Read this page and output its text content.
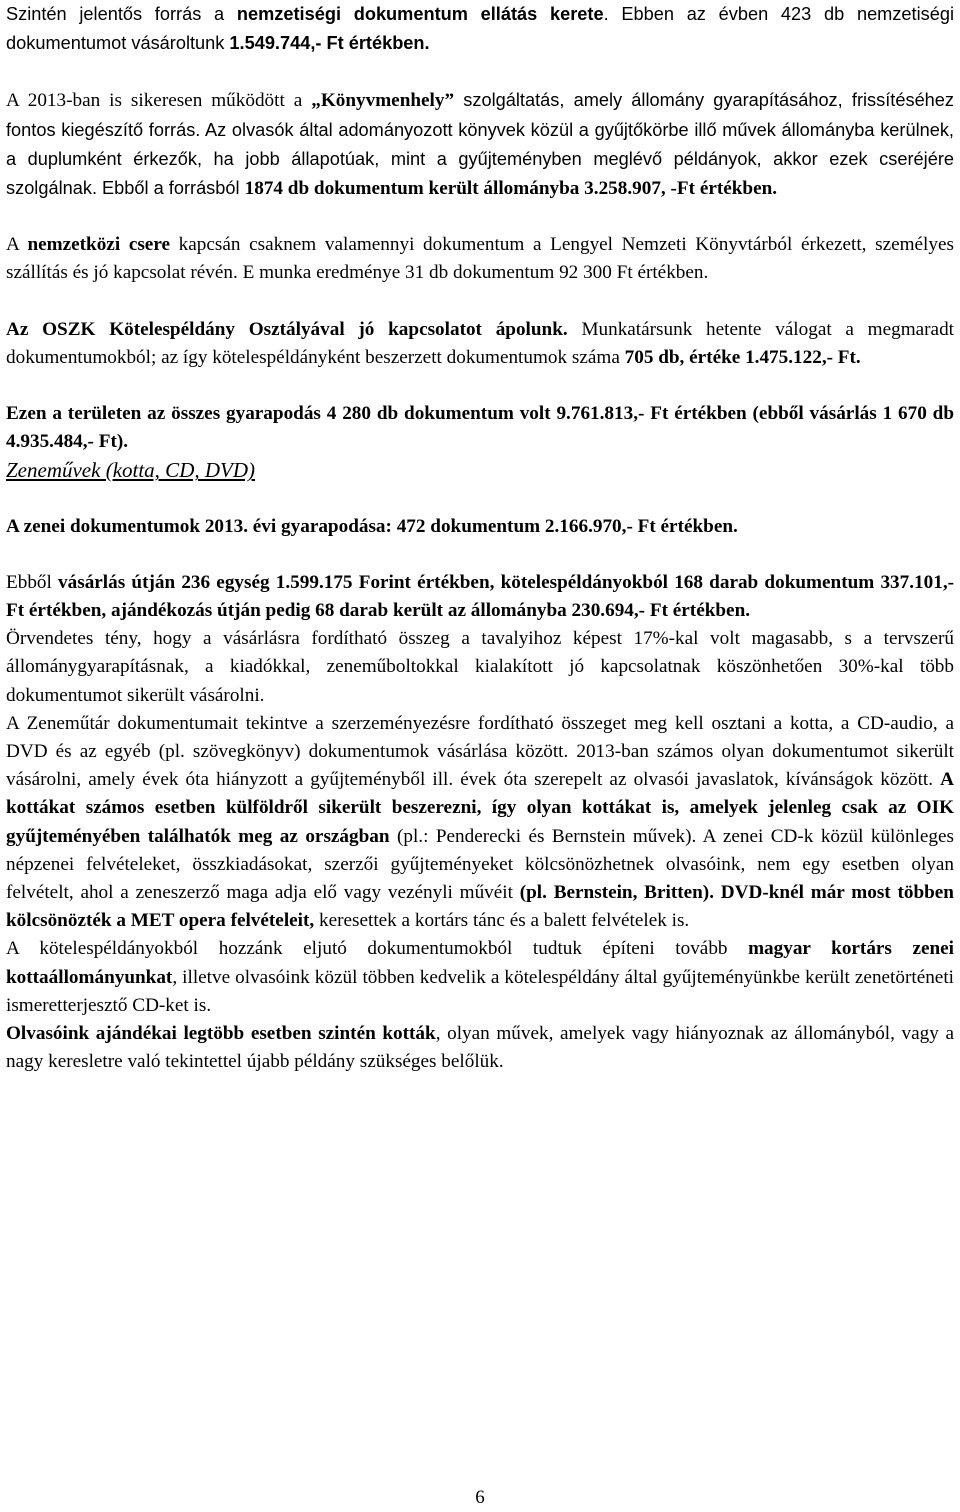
Szintén jelentős forrás a nemzetiségi dokumentum ellátás kerete. Ebben az évben 423 db nemzetiségi dokumentumot vásároltunk 1.549.744,- Ft értékben.

A 2013-ban is sikeresen működött a „Könyvmenhely” szolgáltatás, amely állomány gyarapításához, frissítéséhez fontos kiegészítő forrás. Az olvasók által adományozott könyvek közül a gyűjtőkörbe illő művek állományba kerülnek, a duplumként érkezők, ha jobb állapotúak, mint a gyűjteményben meglévő példányok, akkor ezek cseréjére szolgálnak. Ebből a forrásból 1874 db dokumentum került állományba 3.258.907, -Ft értékben.

A nemzetközi csere kapcsán csaknem valamennyi dokumentum a Lengyel Nemzeti Könyvtárból érkezett, személyes szállítás és jó kapcsolat révén. E munka eredménye 31 db dokumentum 92 300 Ft értékben.

Az OSZK Kötelespéldány Osztályával jó kapcsolatot ápolunk. Munkatársunk hetente válogat a megmaradt dokumentumokból; az így kötelespéldányként beszerzett dokumentumok száma 705 db, értéke 1.475.122,- Ft.

Ezen a területen az összes gyarapodás 4 280 db dokumentum volt 9.761.813,- Ft értékben (ebből vásárlás 1 670 db 4.935.484,- Ft).

Zeneművek (kotta, CD, DVD)

A zenei dokumentumok 2013. évi gyarapodása: 472 dokumentum 2.166.970,- Ft értékben.

Ebből vásárlás útján 236 egység 1.599.175 Forint értékben, kötelespéldányokból 168 darab dokumentum 337.101,- Ft értékben, ajándékozás útján pedig 68 darab került az állományba 230.694,- Ft értékben.

Örvendetes tény, hogy a vásárlásra fordítható összeg a tavalyihoz képest 17%-kal volt magasabb, s a tervszerű állománygyarapításnak, a kiadókkal, zeneműboltokkal kialakított jó kapcsolatnak köszönhetően 30%-kal több dokumentumot sikerült vásárolni.

A Zeneműtár dokumentumait tekintve a szerzeményezésre fordítható összeget meg kell osztani a kotta, a CD-audio, a DVD és az egyéb (pl. szövegkönyv) dokumentumok vásárlása között. 2013-ban számos olyan dokumentumot sikerült vásárolni, amely évek óta hiányzott a gyűjteményből ill. évek óta szerepelt az olvasói javaslatok, kívánságok között. A kottákat számos esetben külföldről sikerült beszerezni, így olyan kottákat is, amelyek jelenleg csak az OIK gyűjteményében találhatók meg az országban (pl.: Penderecki és Bernstein művek). A zenei CD-k közül különleges népzenei felvételeket, összkiadásokat, szerzői gyűjteményeket kölcsönözhetnek olvasóink, nem egy esetben olyan felvételt, ahol a zeneszerző maga adja elő vagy vezényli művéit (pl. Bernstein, Britten). DVD-knél már most többen kölcsönözték a MET opera felvételeit, keresettek a kortárs tánc és a balett felvételek is.

A kötelespéldányokból hozzánk eljutó dokumentumokból tudtuk építeni tovább magyar kortárs zenei kottaállományunkat, illetve olvasóink közül többen kedvelik a kötelespéldány által gyűjteményünkbe került zenetörténeti ismeretterjesztő CD-ket is.

Olvasóink ajándékai legtöbb esetben szintén kották, olyan művek, amelyek vagy hiányoznak az állományból, vagy a nagy keresletre való tekintettel újabb példány szükséges belőlük.

6
